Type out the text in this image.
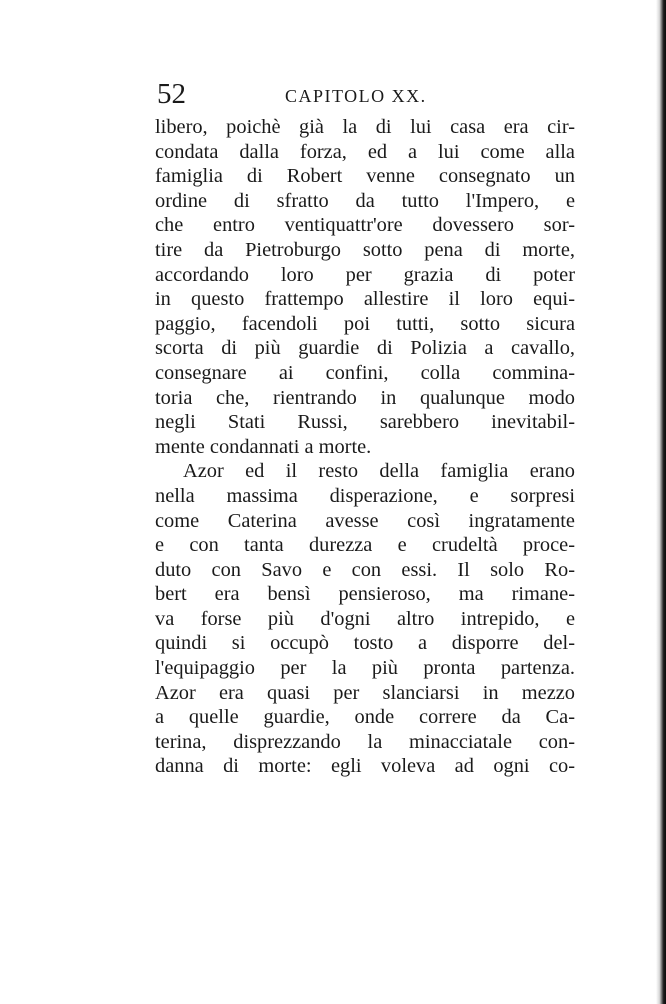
52	CAPITOLO XX.
libero, poichè già la di lui casa era cir-
condata dalla forza, ed a lui come alla
famiglia di Robert venne consegnato un
ordine di sfratto da tutto l'Impero, e
che entro ventiquattr'ore dovessero sor-
tire da Pietroburgo sotto pena di morte,
accordando loro per grazia di poter
in questo frattempo allestire il loro equi-
paggio, facendoli poi tutti, sotto sicura
scorta di più guardie di Polizia a cavallo,
consegnare ai confini, colla commina-
toria che, rientrando in qualunque modo
negli Stati Russi, sarebbero inevitabil-
mente condannati a morte.
Azor ed il resto della famiglia erano
nella massima disperazione, e sorpresi
come Caterina avesse così ingratamente
e con tanta durezza e crudeltà proce-
duto con Savo e con essi. Il solo Ro-
bert era bensì pensieroso, ma rimane-
va forse più d'ogni altro intrepido, e
quindi si occupò tosto a disporre del-
l'equipaggio per la più pronta partenza.
Azor era quasi per slanciarsi in mezzo
a quelle guardie, onde correre da Ca-
terina, disprezzando la minacciatale con-
danna di morte: egli voleva ad ogni co-
